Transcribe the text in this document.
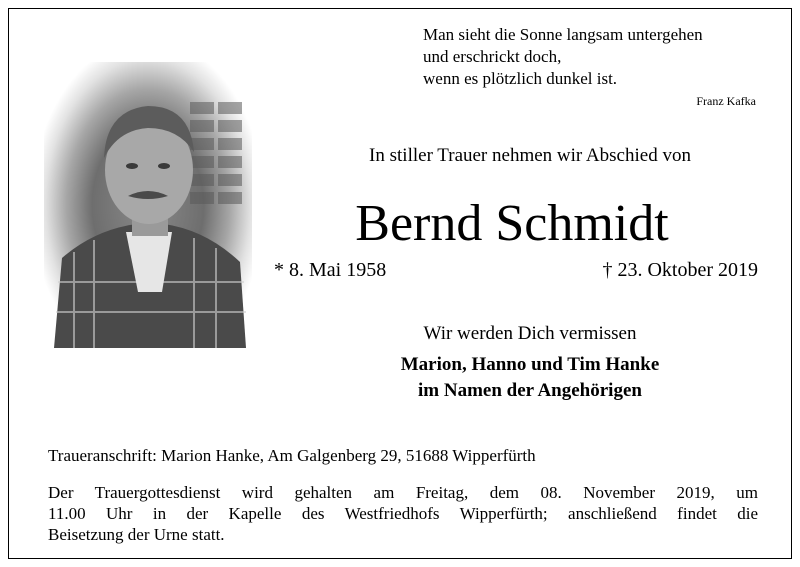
Man sieht die Sonne langsam untergehen
und erschrickt doch,
wenn es plötzlich dunkel ist.
Franz Kafka
In stiller Trauer nehmen wir Abschied von
Bernd Schmidt
* 8. Mai 1958	† 23. Oktober 2019
Wir werden Dich vermissen
Marion, Hanno und Tim Hanke
im Namen der Angehörigen
Traueranschrift: Marion Hanke, Am Galgenberg 29, 51688 Wipperfürth
Der Trauergottesdienst wird gehalten am Freitag, dem 08. November 2019, um
11.00 Uhr in der Kapelle des Westfriedhofs Wipperfürth; anschließend findet die
Beisetzung der Urne statt.
